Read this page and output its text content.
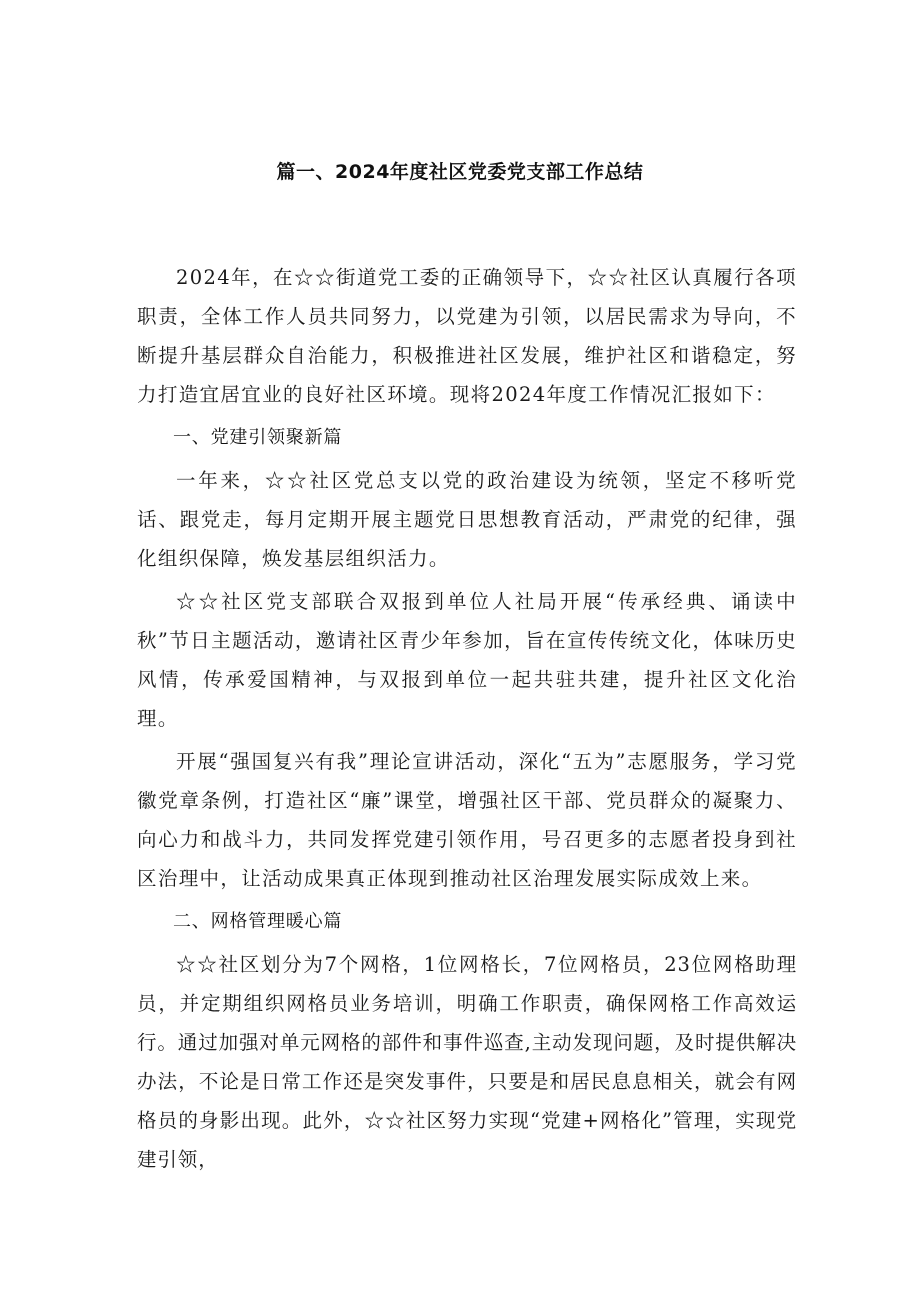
篇一、2024年度社区党委党支部工作总结

2024年，在☆☆街道党工委的正确领导下，☆☆社区认真履行各项职责，全体工作人员共同努力，以党建为引领，以居民需求为导向，不断提升基层群众自治能力，积极推进社区发展，维护社区和谐稳定，努力打造宜居宜业的良好社区环境。现将2024年度工作情况汇报如下：

一、党建引领聚新篇

一年来，☆☆社区党总支以党的政治建设为统领，坚定不移听党话、跟党走，每月定期开展主题党日思想教育活动，严肃党的纪律，强化组织保障，焕发基层组织活力。

☆☆社区党支部联合双报到单位人社局开展“传承经典、诵读中秋”节日主题活动，邀请社区青少年参加，旨在宣传传统文化，体味历史风情，传承爱国精神，与双报到单位一起共驻共建，提升社区文化治理。

开展“强国复兴有我”理论宣讲活动，深化“五为”志愿服务，学习党徽党章条例，打造社区“廉”课堂，增强社区干部、党员群众的凝聚力、向心力和战斗力，共同发挥党建引领作用，号召更多的志愿者投身到社区治理中，让活动成果真正体现到推动社区治理发展实际成效上来。

二、网格管理暖心篇

☆☆社区划分为7个网格，1位网格长，7位网格员，23位网格助理员，并定期组织网格员业务培训，明确工作职责，确保网格工作高效运行。通过加强对单元网格的部件和事件巡查,主动发现问题，及时提供解决办法，不论是日常工作还是突发事件，只要是和居民息息相关，就会有网格员的身影出现。此外，☆☆社区努力实现“党建+网格化”管理，实现党建引领，
